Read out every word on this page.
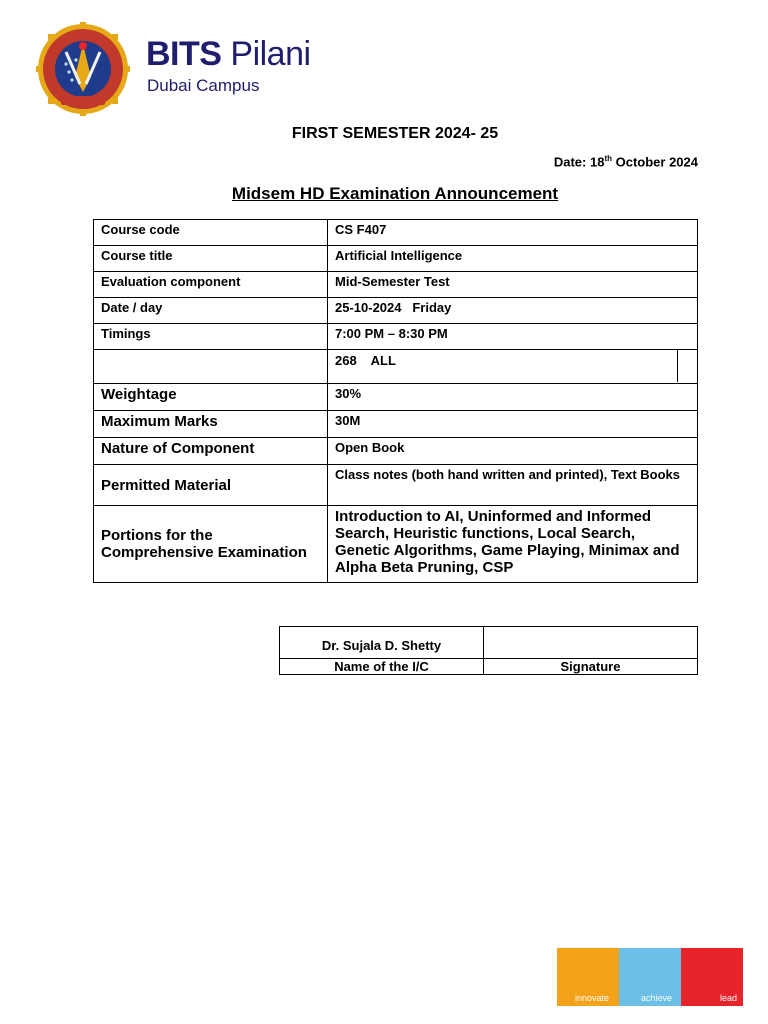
BITS Pilani
Dubai Campus
FIRST SEMESTER 2024- 25
Date: 18th October 2024
Midsem HD Examination Announcement
Course code	CS F407
Course title	Artificial Intelligence
Evaluation component	Mid-Semester Test
Date / day	25-10-2024   Friday
Timings	7:00 PM – 8:30 PM

	268    ALL

Weightage	30%
Maximum Marks	30M
Nature of Component	Open Book
Permitted Material	Class notes (both hand written and printed), Text Books
Portions for the Comprehensive Examination	Introduction to AI, Uninformed and Informed Search, Heuristic functions, Local Search, Genetic Algorithms, Game Playing, Minimax and Alpha Beta Pruning, CSP
Dr. Sujala D. Shetty	
Name of the I/C	Signature
innovate	achieve	lead
